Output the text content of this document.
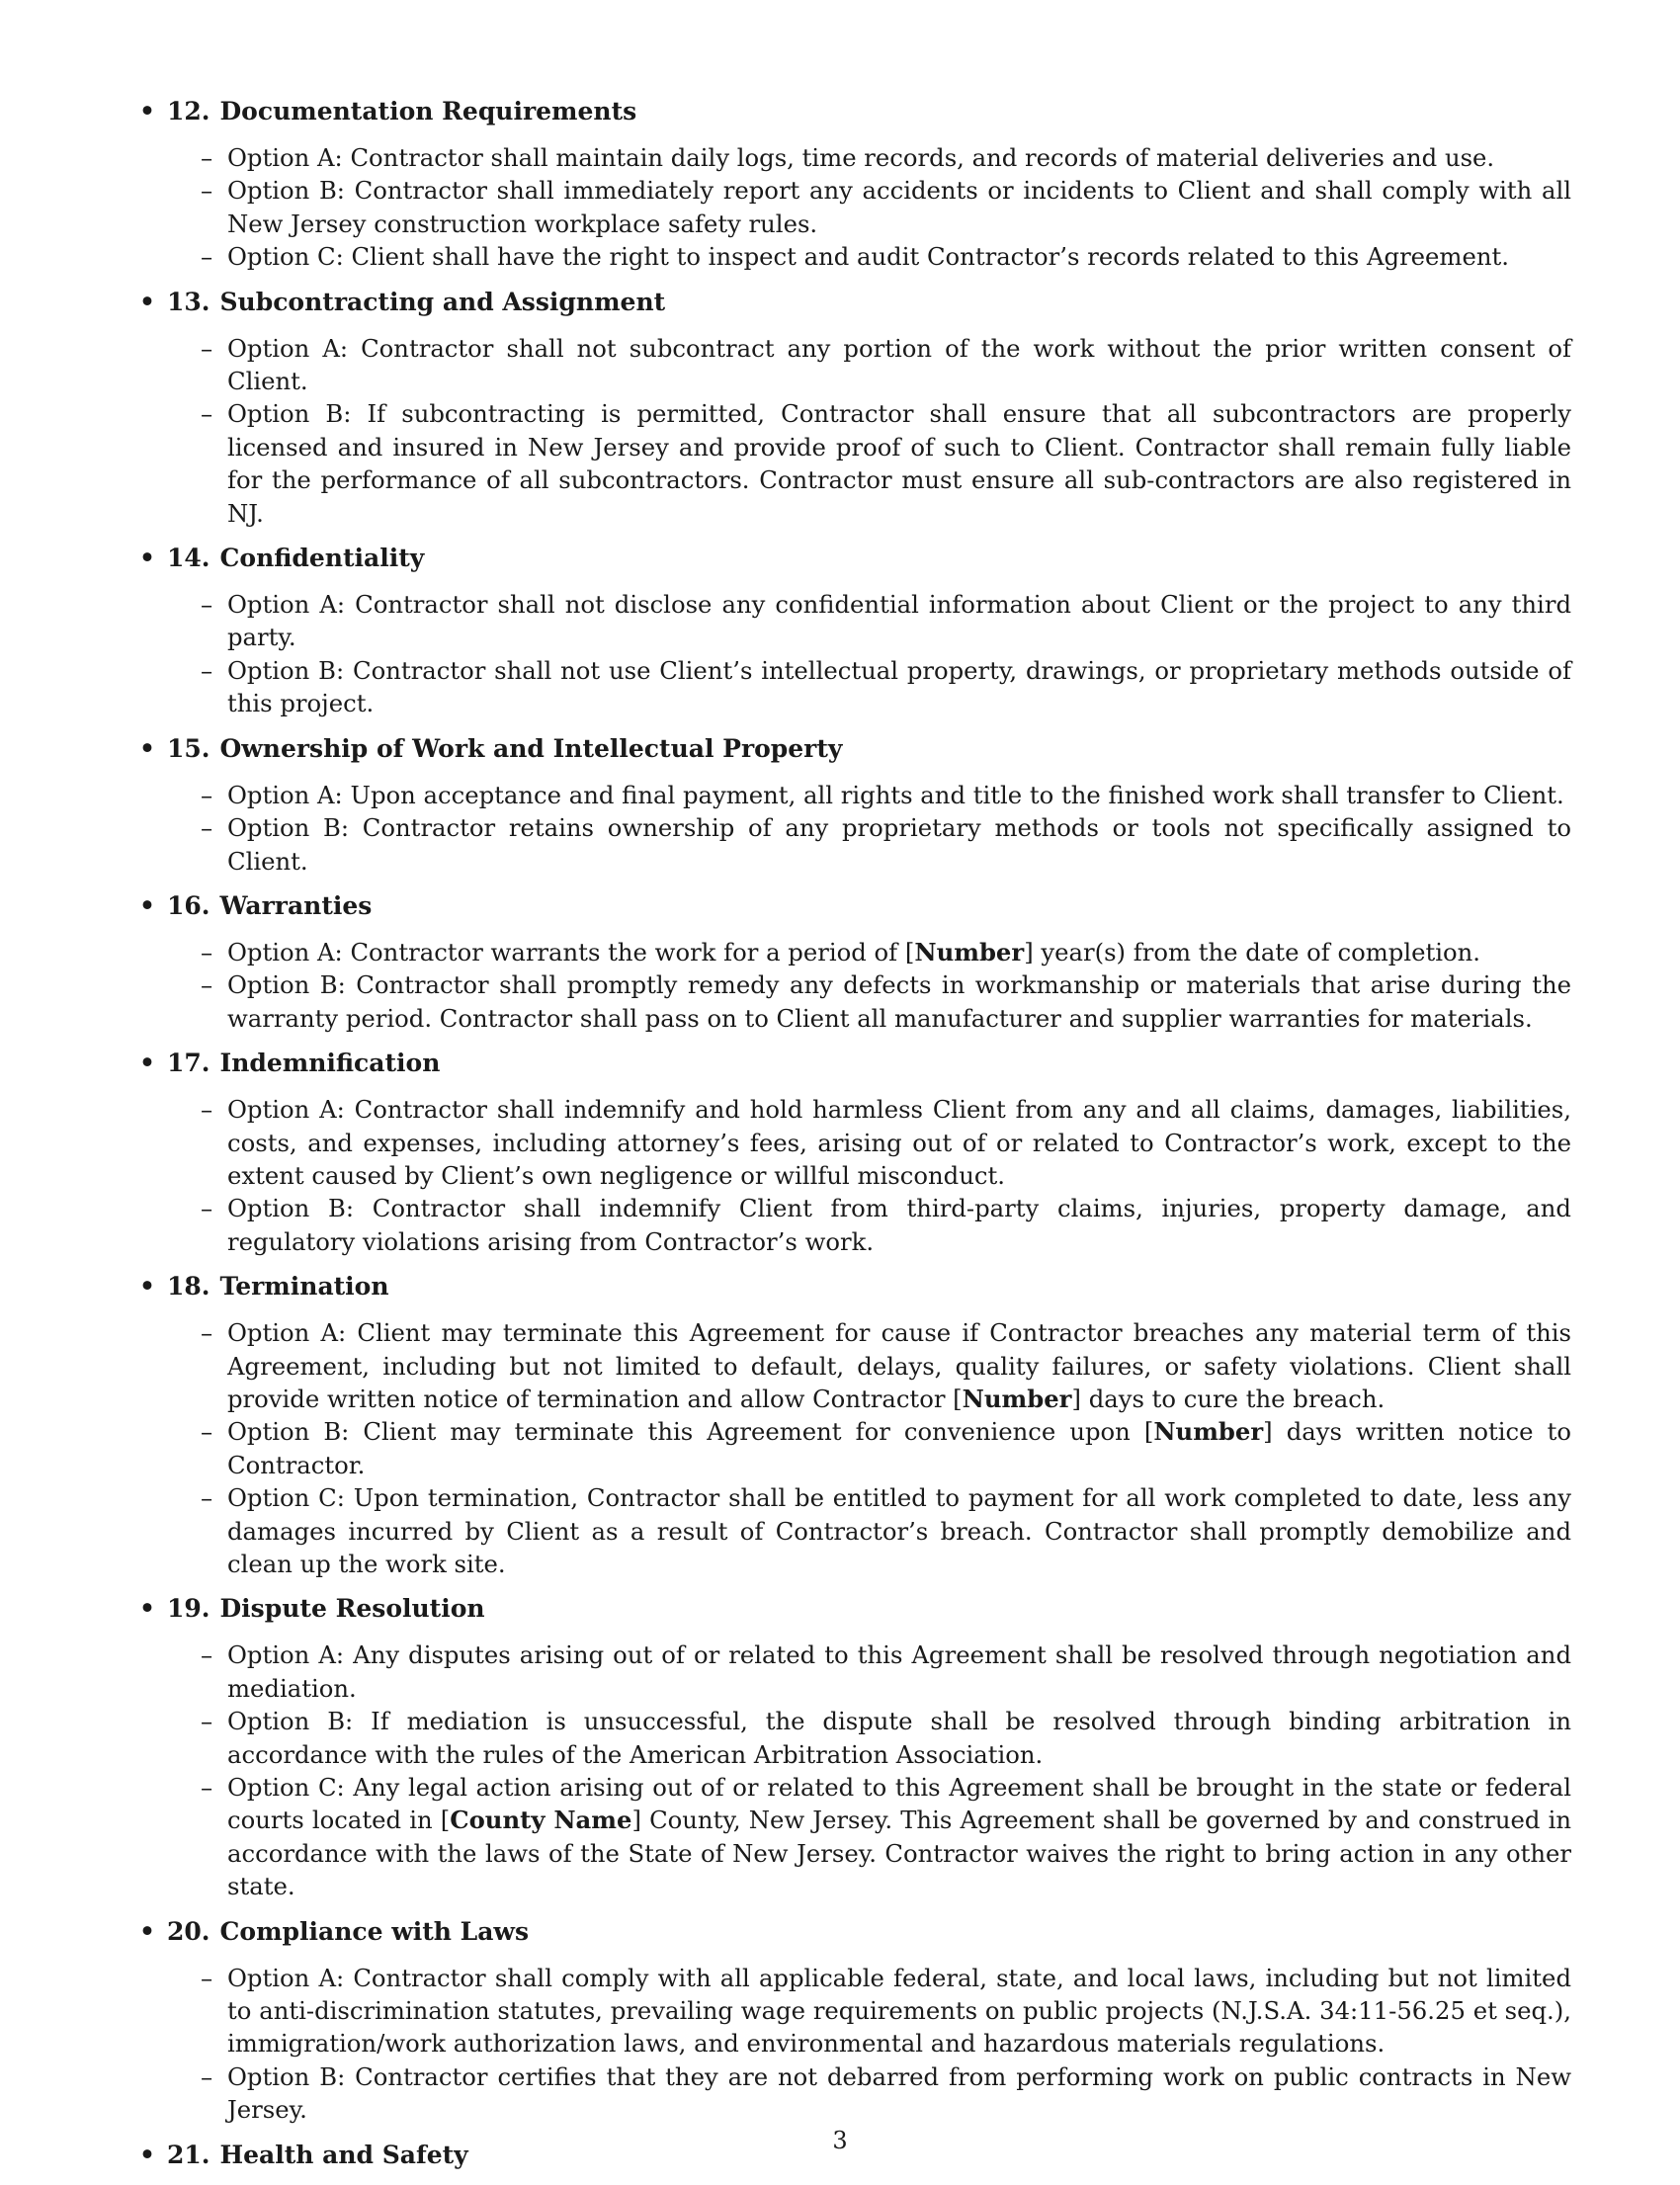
• 12. Documentation Requirements
– Option A: Contractor shall maintain daily logs, time records, and records of material deliveries and use.
– Option B: Contractor shall immediately report any accidents or incidents to Client and shall comply with all New Jersey construction workplace safety rules.
– Option C: Client shall have the right to inspect and audit Contractor’s records related to this Agreement.
• 13. Subcontracting and Assignment
– Option A: Contractor shall not subcontract any portion of the work without the prior written consent of Client.
– Option B: If subcontracting is permitted, Contractor shall ensure that all subcontractors are properly licensed and insured in New Jersey and provide proof of such to Client. Contractor shall remain fully liable for the performance of all subcontractors. Contractor must ensure all sub-contractors are also registered in NJ.
• 14. Confidentiality
– Option A: Contractor shall not disclose any confidential information about Client or the project to any third party.
– Option B: Contractor shall not use Client’s intellectual property, drawings, or proprietary methods outside of this project.
• 15. Ownership of Work and Intellectual Property
– Option A: Upon acceptance and final payment, all rights and title to the finished work shall transfer to Client.
– Option B: Contractor retains ownership of any proprietary methods or tools not specifically assigned to Client.
• 16. Warranties
– Option A: Contractor warrants the work for a period of [Number] year(s) from the date of completion.
– Option B: Contractor shall promptly remedy any defects in workmanship or materials that arise during the warranty period. Contractor shall pass on to Client all manufacturer and supplier warranties for materials.
• 17. Indemnification
– Option A: Contractor shall indemnify and hold harmless Client from any and all claims, damages, liabilities, costs, and expenses, including attorney’s fees, arising out of or related to Contractor’s work, except to the extent caused by Client’s own negligence or willful misconduct.
– Option B: Contractor shall indemnify Client from third-party claims, injuries, property damage, and regulatory violations arising from Contractor’s work.
• 18. Termination
– Option A: Client may terminate this Agreement for cause if Contractor breaches any material term of this Agreement, including but not limited to default, delays, quality failures, or safety violations. Client shall provide written notice of termination and allow Contractor [Number] days to cure the breach.
– Option B: Client may terminate this Agreement for convenience upon [Number] days written notice to Contractor.
– Option C: Upon termination, Contractor shall be entitled to payment for all work completed to date, less any damages incurred by Client as a result of Contractor’s breach. Contractor shall promptly demobilize and clean up the work site.
• 19. Dispute Resolution
– Option A: Any disputes arising out of or related to this Agreement shall be resolved through negotiation and mediation.
– Option B: If mediation is unsuccessful, the dispute shall be resolved through binding arbitration in accordance with the rules of the American Arbitration Association.
– Option C: Any legal action arising out of or related to this Agreement shall be brought in the state or federal courts located in [County Name] County, New Jersey. This Agreement shall be governed by and construed in accordance with the laws of the State of New Jersey. Contractor waives the right to bring action in any other state.
• 20. Compliance with Laws
– Option A: Contractor shall comply with all applicable federal, state, and local laws, including but not limited to anti-discrimination statutes, prevailing wage requirements on public projects (N.J.S.A. 34:11-56.25 et seq.), immigration/work authorization laws, and environmental and hazardous materials regulations.
– Option B: Contractor certifies that they are not debarred from performing work on public contracts in New Jersey.
• 21. Health and Safety	3
